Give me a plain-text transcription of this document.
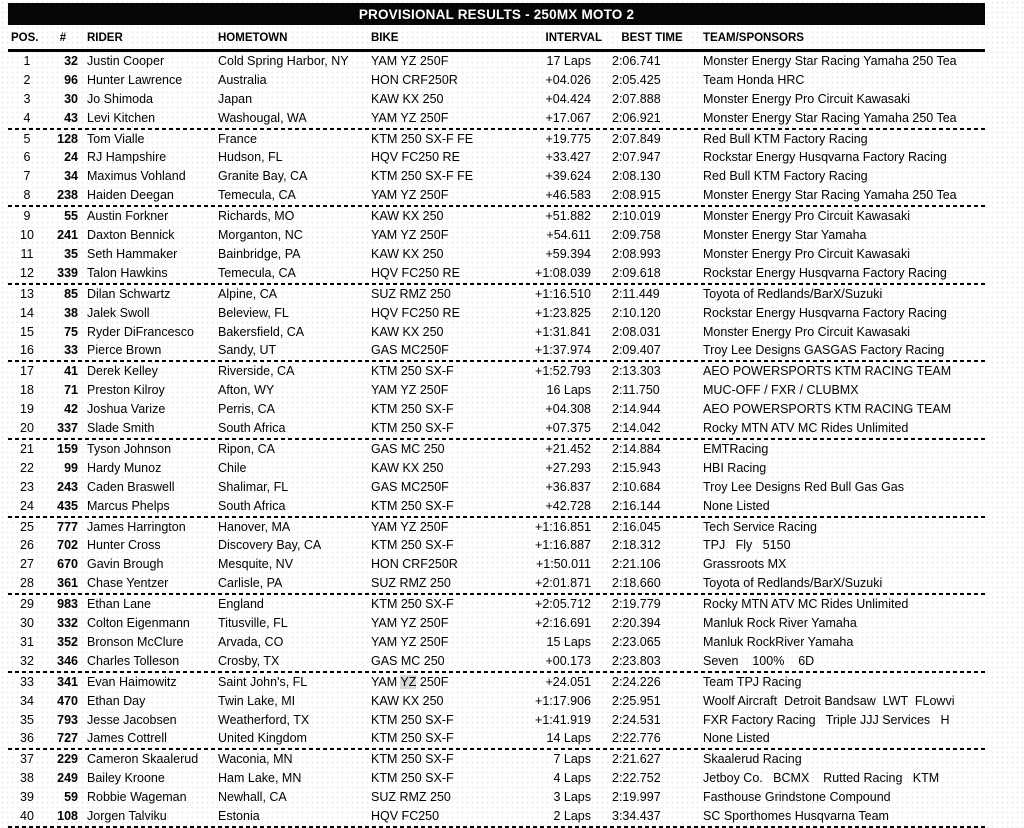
PROVISIONAL RESULTS - 250MX MOTO 2
POS.	#	RIDER	HOMETOWN	BIKE	INTERVAL	BEST TIME	TEAM/SPONSORS
1	32 Justin Cooper	Cold Spring Harbor, NY	YAM YZ 250F	17 Laps	2:06.741	Monster Energy Star Racing Yamaha 250 Tea
2	96 Hunter Lawrence	Australia	HON CRF250R	+04.026	2:05.425	Team Honda HRC
3	30 Jo Shimoda	Japan	KAW KX 250	+04.424	2:07.888	Monster Energy Pro Circuit Kawasaki
4	43 Levi Kitchen	Washougal, WA	YAM YZ 250F	+17.067	2:06.921	Monster Energy Star Racing Yamaha 250 Tea
5	128 Tom Vialle	France	KTM 250 SX-F FE	+19.775	2:07.849	Red Bull KTM Factory Racing
6	24 RJ Hampshire	Hudson, FL	HQV FC250 RE	+33.427	2:07.947	Rockstar Energy Husqvarna Factory Racing
7	34 Maximus Vohland	Granite Bay, CA	KTM 250 SX-F FE	+39.624	2:08.130	Red Bull KTM Factory Racing
8	238 Haiden Deegan	Temecula, CA	YAM YZ 250F	+46.583	2:08.915	Monster Energy Star Racing Yamaha 250 Tea
9	55 Austin Forkner	Richards, MO	KAW KX 250	+51.882	2:10.019	Monster Energy Pro Circuit Kawasaki
10	241 Daxton Bennick	Morganton, NC	YAM YZ 250F	+54.611	2:09.758	Monster Energy Star Yamaha
11	35 Seth Hammaker	Bainbridge, PA	KAW KX 250	+59.394	2:08.993	Monster Energy Pro Circuit Kawasaki
12	339 Talon Hawkins	Temecula, CA	HQV FC250 RE	+1:08.039	2:09.618	Rockstar Energy Husqvarna Factory Racing
13	85 Dilan Schwartz	Alpine, CA	SUZ RMZ 250	+1:16.510	2:11.449	Toyota of Redlands/BarX/Suzuki
14	38 Jalek Swoll	Beleview, FL	HQV FC250 RE	+1:23.825	2:10.120	Rockstar Energy Husqvarna Factory Racing
15	75 Ryder DiFrancesco	Bakersfield, CA	KAW KX 250	+1:31.841	2:08.031	Monster Energy Pro Circuit Kawasaki
16	33 Pierce Brown	Sandy, UT	GAS MC250F	+1:37.974	2:09.407	Troy Lee Designs GASGAS Factory Racing
17	41 Derek Kelley	Riverside, CA	KTM 250 SX-F	+1:52.793	2:13.303	AEO POWERSPORTS KTM RACING TEAM
18	71 Preston Kilroy	Afton, WY	YAM YZ 250F	16 Laps	2:11.750	MUC-OFF / FXR / CLUBMX
19	42 Joshua Varize	Perris, CA	KTM 250 SX-F	+04.308	2:14.944	AEO POWERSPORTS KTM RACING TEAM
20	337 Slade Smith	South Africa	KTM 250 SX-F	+07.375	2:14.042	Rocky MTN ATV MC Rides Unlimited
21	159 Tyson Johnson	Ripon, CA	GAS MC 250	+21.452	2:14.884	EMTRacing
22	99 Hardy Munoz	Chile	KAW KX 250	+27.293	2:15.943	HBI Racing
23	243 Caden Braswell	Shalimar, FL	GAS MC250F	+36.837	2:10.684	Troy Lee Designs Red Bull Gas Gas
24	435 Marcus Phelps	South Africa	KTM 250 SX-F	+42.728	2:16.144	None Listed
25	777 James Harrington	Hanover, MA	YAM YZ 250F	+1:16.851	2:16.045	Tech Service Racing
26	702 Hunter Cross	Discovery Bay, CA	KTM 250 SX-F	+1:16.887	2:18.312	TPJ   Fly   5150
27	670 Gavin Brough	Mesquite, NV	HON CRF250R	+1:50.011	2:21.106	Grassroots MX
28	361 Chase Yentzer	Carlisle, PA	SUZ RMZ 250	+2:01.871	2:18.660	Toyota of Redlands/BarX/Suzuki
29	983 Ethan Lane	England	KTM 250 SX-F	+2:05.712	2:19.779	Rocky MTN ATV MC Rides Unlimited
30	332 Colton Eigenmann	Titusville, FL	YAM YZ 250F	+2:16.691	2:20.394	Manluk Rock River Yamaha
31	352 Bronson McClure	Arvada, CO	YAM YZ 250F	15 Laps	2:23.065	Manluk RockRiver Yamaha
32	346 Charles Tolleson	Crosby, TX	GAS MC 250	+00.173	2:23.803	Seven    100%    6D
33	341 Evan Haimowitz	Saint John's, FL	YAM YZ 250F	+24.051	2:24.226	Team TPJ Racing
34	470 Ethan Day	Twin Lake, MI	KAW KX 250	+1:17.906	2:25.951	Woolf Aircraft  Detroit Bandsaw  LWT  FLowvi
35	793 Jesse Jacobsen	Weatherford, TX	KTM 250 SX-F	+1:41.919	2:24.531	FXR Factory Racing   Triple JJJ Services   H
36	727 James Cottrell	United Kingdom	KTM 250 SX-F	14 Laps	2:22.776	None Listed
37	229 Cameron Skaalerud	Waconia, MN	KTM 250 SX-F	7 Laps	2:21.627	Skaalerud Racing
38	249 Bailey Kroone	Ham Lake, MN	KTM 250 SX-F	4 Laps	2:22.752	Jetboy Co.   BCMX    Rutted Racing   KTM
39	59 Robbie Wageman	Newhall, CA	SUZ RMZ 250	3 Laps	2:19.997	Fasthouse Grindstone Compound
40	108 Jorgen Talviku	Estonia	HQV FC250	2 Laps	3:34.437	SC Sporthomes Husqvarna Team
